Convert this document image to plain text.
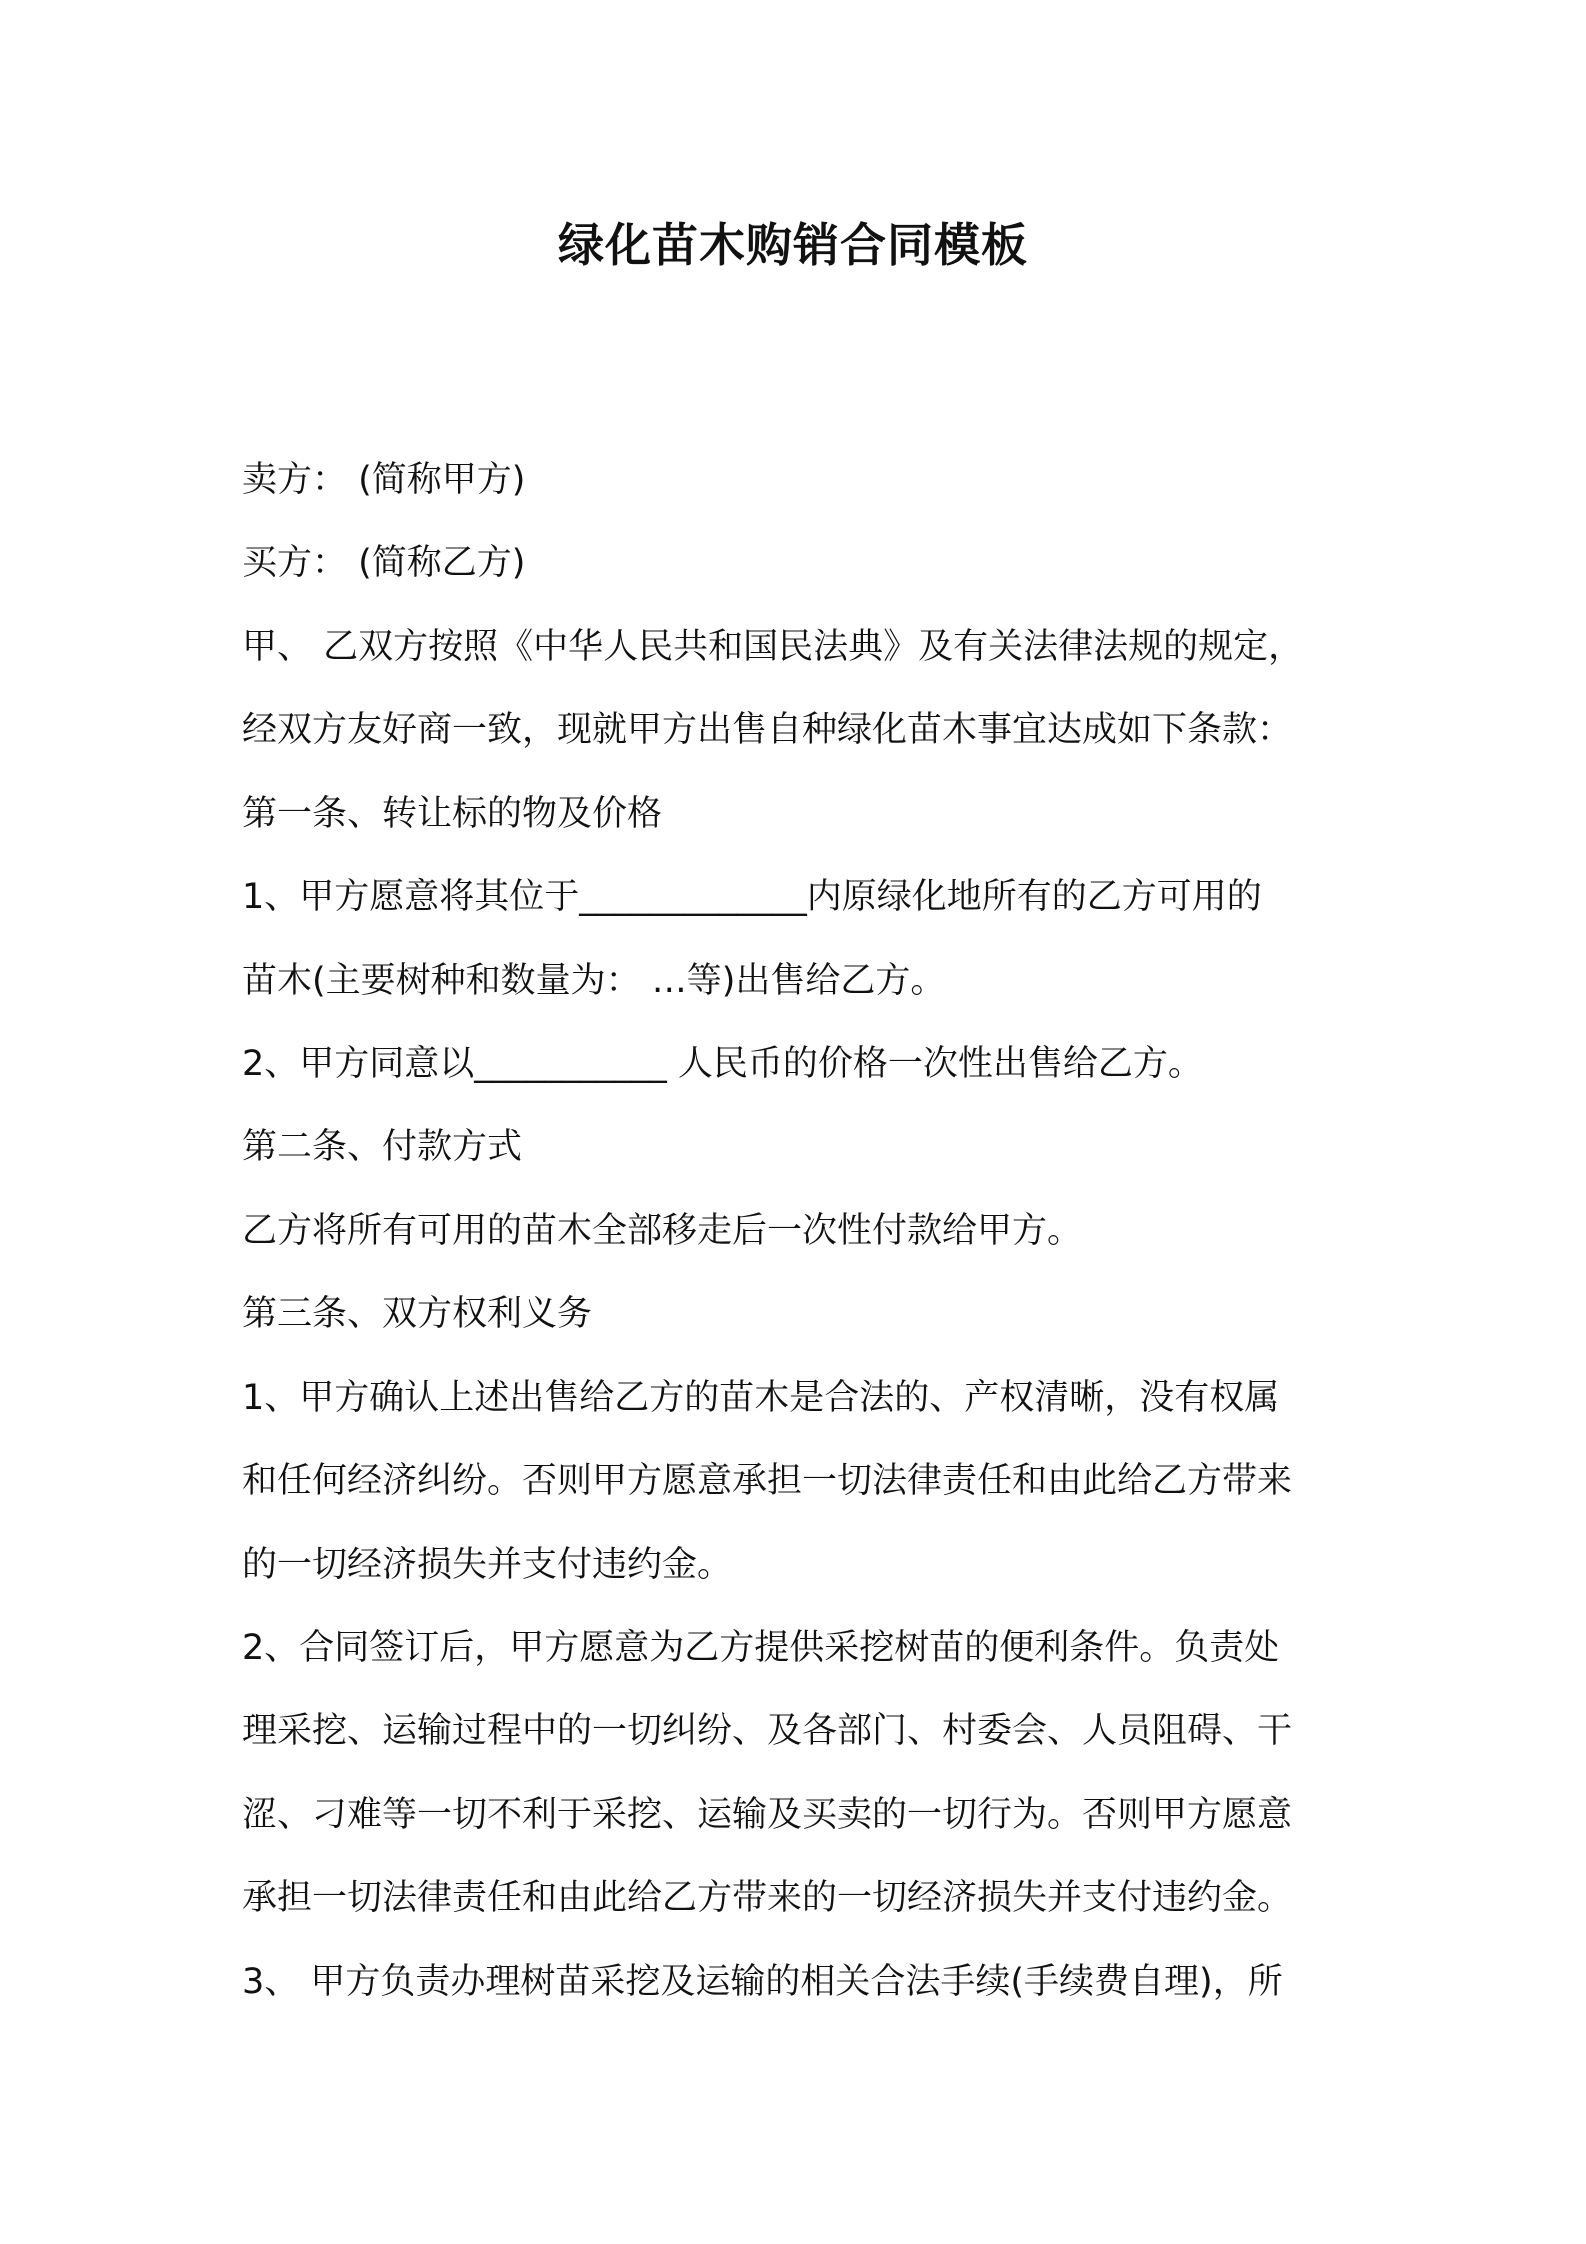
绿化苗木购销合同模板
卖方： (简称甲方)
买方： (简称乙方)
甲、 乙双方按照《中华人民共和国民法典》及有关法律法规的规定，
经双方友好商一致，现就甲方出售自种绿化苗木事宜达成如下条款：
第一条、转让标的物及价格
1、甲方愿意将其位于_____________内原绿化地所有的乙方可用的
苗木(主要树种和数量为： …等)出售给乙方。
2、甲方同意以___________ 人民币的价格一次性出售给乙方。
第二条、付款方式
乙方将所有可用的苗木全部移走后一次性付款给甲方。
第三条、双方权利义务
1、甲方确认上述出售给乙方的苗木是合法的、产权清晰，没有权属
和任何经济纠纷。否则甲方愿意承担一切法律责任和由此给乙方带来
的一切经济损失并支付违约金。
2、合同签订后，甲方愿意为乙方提供采挖树苗的便利条件。负责处
理采挖、运输过程中的一切纠纷、及各部门、村委会、人员阻碍、干
涩、刁难等一切不利于采挖、运输及买卖的一切行为。否则甲方愿意
承担一切法律责任和由此给乙方带来的一切经济损失并支付违约金。
3、 甲方负责办理树苗采挖及运输的相关合法手续(手续费自理)，所
